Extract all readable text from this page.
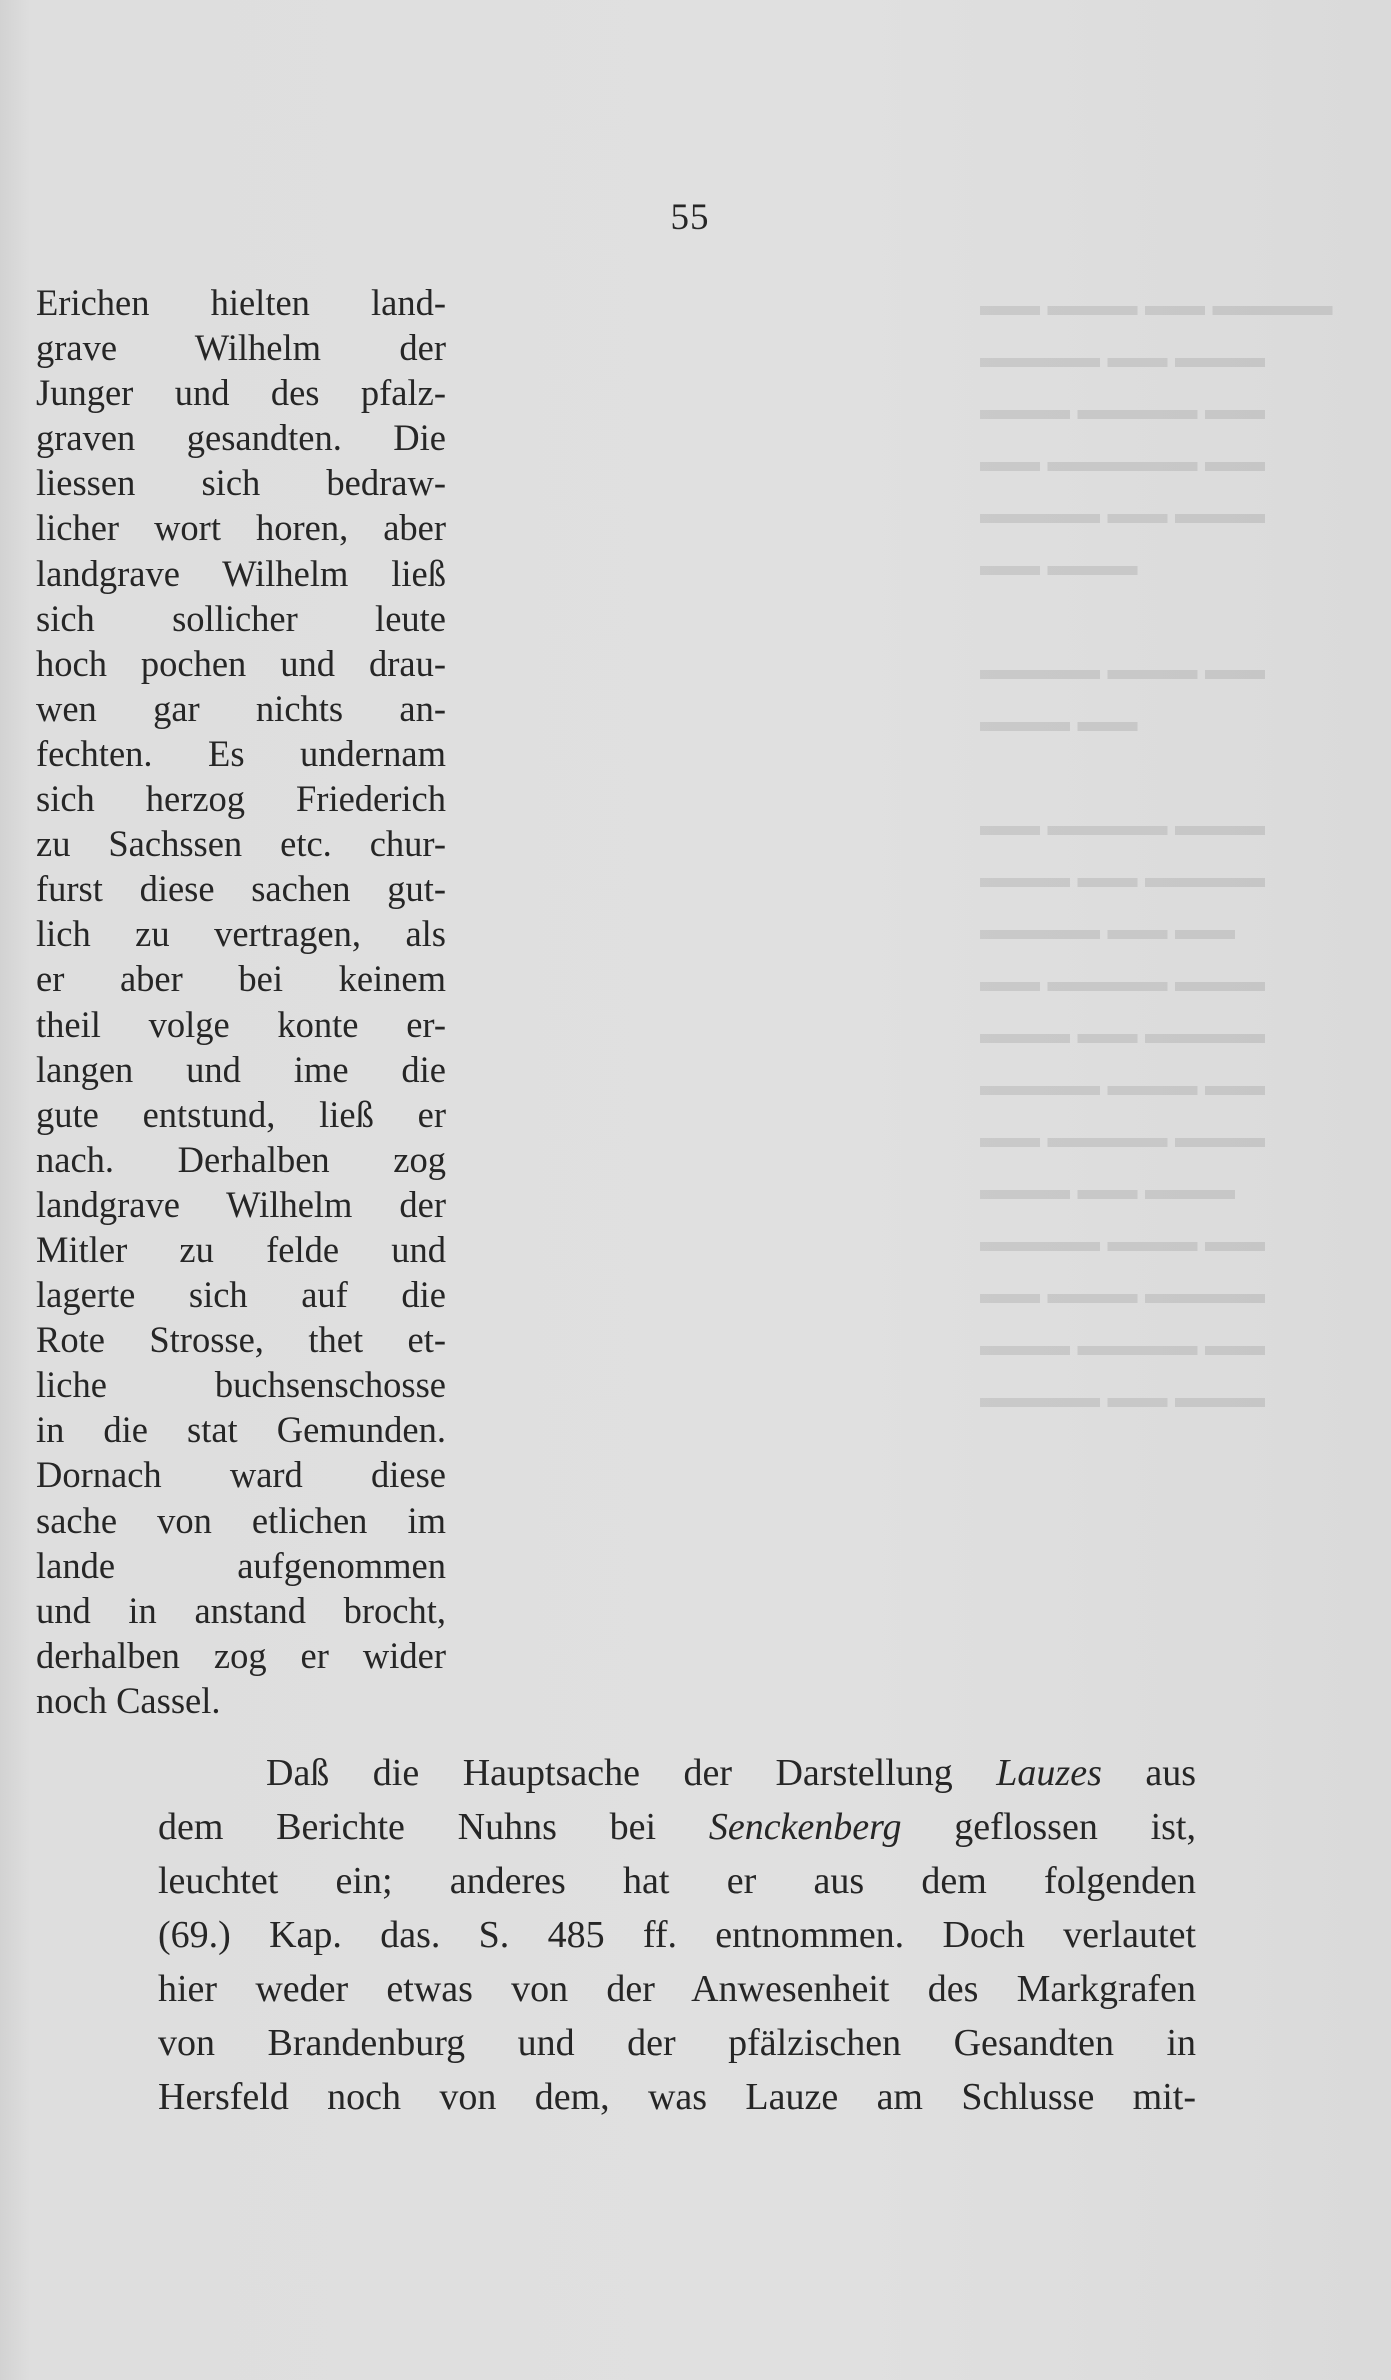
▬▬ ▬▬▬ ▬▬ ▬▬▬▬
▬▬▬▬ ▬▬ ▬▬▬
▬▬▬ ▬▬▬▬ ▬▬
▬▬ ▬▬▬▬▬ ▬▬
▬▬▬▬ ▬▬ ▬▬▬
▬▬ ▬▬▬
▬▬▬▬ ▬▬▬ ▬▬
▬▬▬ ▬▬
▬▬ ▬▬▬▬ ▬▬▬
▬▬▬ ▬▬ ▬▬▬▬
▬▬▬▬ ▬▬ ▬▬
▬▬ ▬▬▬▬ ▬▬▬
▬▬▬ ▬▬ ▬▬▬▬
▬▬▬▬ ▬▬▬ ▬▬
▬▬ ▬▬▬▬ ▬▬▬
▬▬▬ ▬▬ ▬▬▬
▬▬▬▬ ▬▬▬ ▬▬
▬▬ ▬▬▬ ▬▬▬▬
▬▬▬ ▬▬▬▬ ▬▬
▬▬▬▬ ▬▬ ▬▬▬
55
Erichen hielten land-
grave Wilhelm der
Junger und des pfalz-
graven gesandten. Die
liessen sich bedraw-
licher wort horen, aber
landgrave Wilhelm ließ
sich sollicher leute
hoch pochen und drau-
wen gar nichts an-
fechten. Es undernam
sich herzog Friederich
zu Sachssen etc. chur-
furst diese sachen gut-
lich zu vertragen, als
er aber bei keinem
theil volge konte er-
langen und ime die
gute entstund, ließ er
nach. Derhalben zog
landgrave Wilhelm der
Mitler zu felde und
lagerte sich auf die
Rote Strosse, thet et-
liche buchsenschosse
in die stat Gemunden.
Dornach ward diese
sache von etlichen im
lande aufgenommen
und in anstand brocht,
derhalben zog er wider
noch Cassel.
Daß die Hauptsache der Darstellung Lauzes aus
dem Berichte Nuhns bei Senckenberg geflossen ist,
leuchtet ein; anderes hat er aus dem folgenden
(69.) Kap. das. S. 485 ff. entnommen. Doch verlautet
hier weder etwas von der Anwesenheit des Markgrafen
von Brandenburg und der pfälzischen Gesandten in
Hersfeld noch von dem, was Lauze am Schlusse mit-
